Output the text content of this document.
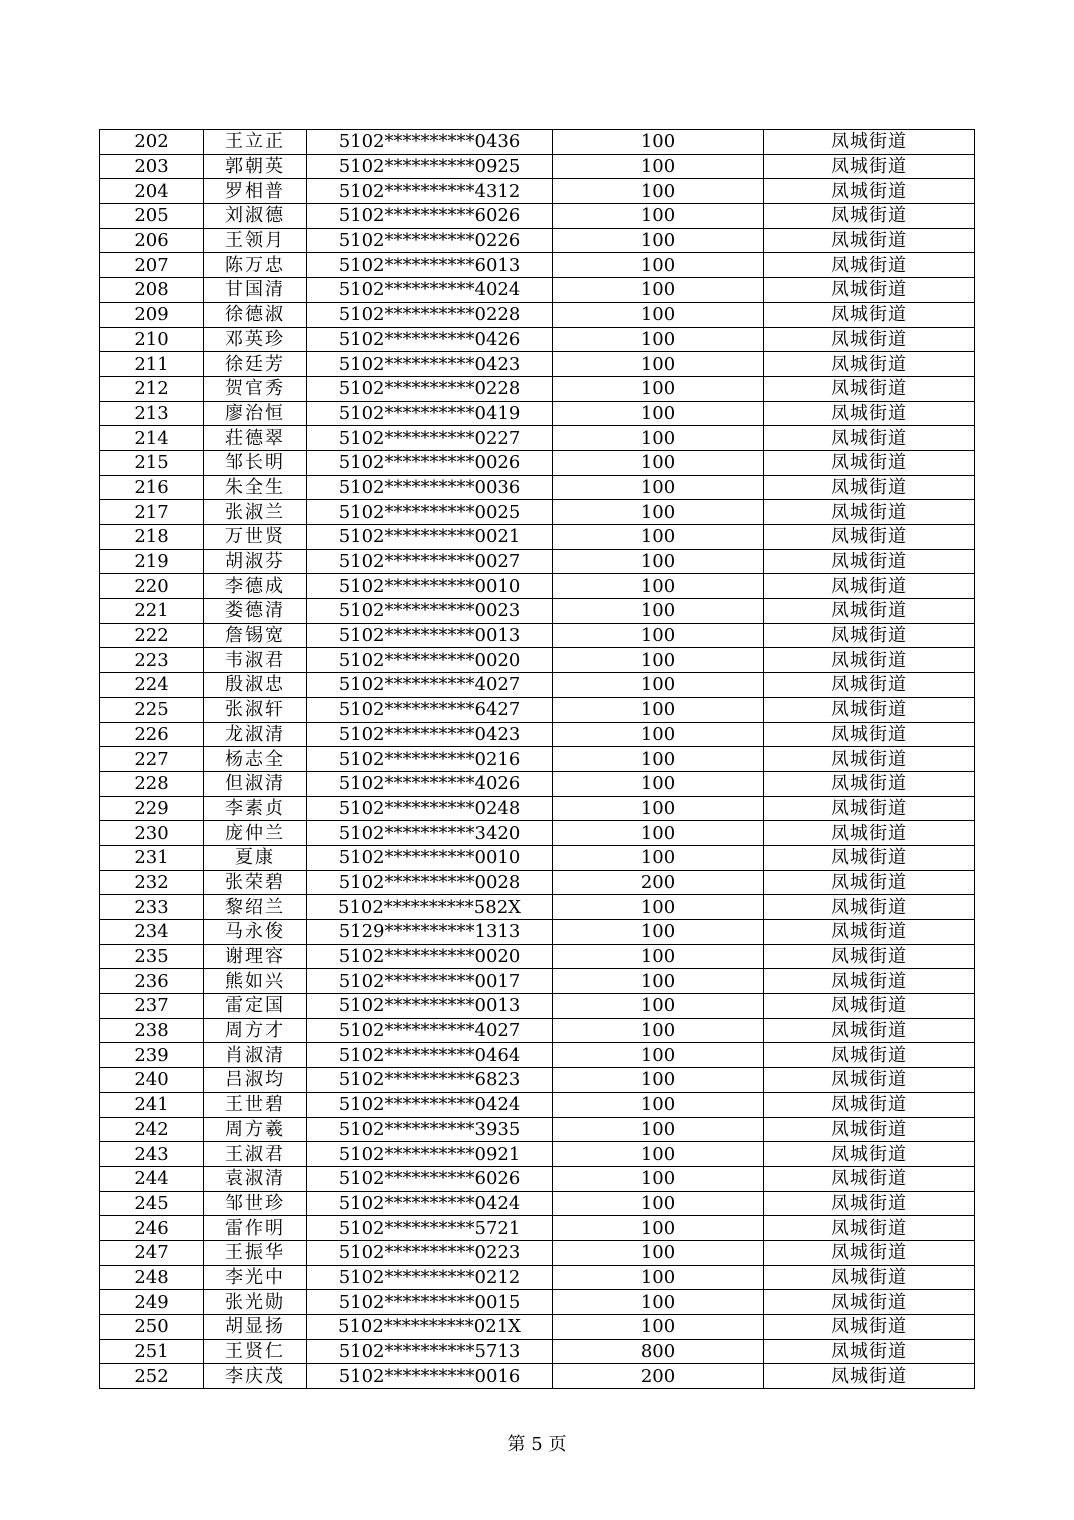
202	王立正	5102**********0436	100	凤城街道
203	郭朝英	5102**********0925	100	凤城街道
204	罗相普	5102**********4312	100	凤城街道
205	刘淑德	5102**********6026	100	凤城街道
206	王领月	5102**********0226	100	凤城街道
207	陈万忠	5102**********6013	100	凤城街道
208	甘国清	5102**********4024	100	凤城街道
209	徐德淑	5102**********0228	100	凤城街道
210	邓英珍	5102**********0426	100	凤城街道
211	徐廷芳	5102**********0423	100	凤城街道
212	贺官秀	5102**********0228	100	凤城街道
213	廖治恒	5102**********0419	100	凤城街道
214	荘德翠	5102**********0227	100	凤城街道
215	邹长明	5102**********0026	100	凤城街道
216	朱全生	5102**********0036	100	凤城街道
217	张淑兰	5102**********0025	100	凤城街道
218	万世贤	5102**********0021	100	凤城街道
219	胡淑芬	5102**********0027	100	凤城街道
220	李德成	5102**********0010	100	凤城街道
221	娄德清	5102**********0023	100	凤城街道
222	詹锡宽	5102**********0013	100	凤城街道
223	韦淑君	5102**********0020	100	凤城街道
224	殷淑忠	5102**********4027	100	凤城街道
225	张淑轩	5102**********6427	100	凤城街道
226	龙淑清	5102**********0423	100	凤城街道
227	杨志全	5102**********0216	100	凤城街道
228	但淑清	5102**********4026	100	凤城街道
229	李素贞	5102**********0248	100	凤城街道
230	庞仲兰	5102**********3420	100	凤城街道
231	夏康	5102**********0010	100	凤城街道
232	张荣碧	5102**********0028	200	凤城街道
233	黎绍兰	5102**********582X	100	凤城街道
234	马永俊	5129**********1313	100	凤城街道
235	谢理容	5102**********0020	100	凤城街道
236	熊如兴	5102**********0017	100	凤城街道
237	雷定国	5102**********0013	100	凤城街道
238	周方才	5102**********4027	100	凤城街道
239	肖淑清	5102**********0464	100	凤城街道
240	吕淑均	5102**********6823	100	凤城街道
241	王世碧	5102**********0424	100	凤城街道
242	周方羲	5102**********3935	100	凤城街道
243	王淑君	5102**********0921	100	凤城街道
244	袁淑清	5102**********6026	100	凤城街道
245	邹世珍	5102**********0424	100	凤城街道
246	雷作明	5102**********5721	100	凤城街道
247	王振华	5102**********0223	100	凤城街道
248	李光中	5102**********0212	100	凤城街道
249	张光勋	5102**********0015	100	凤城街道
250	胡显扬	5102**********021X	100	凤城街道
251	王贤仁	5102**********5713	800	凤城街道
252	李庆茂	5102**********0016	200	凤城街道
第 5 页
